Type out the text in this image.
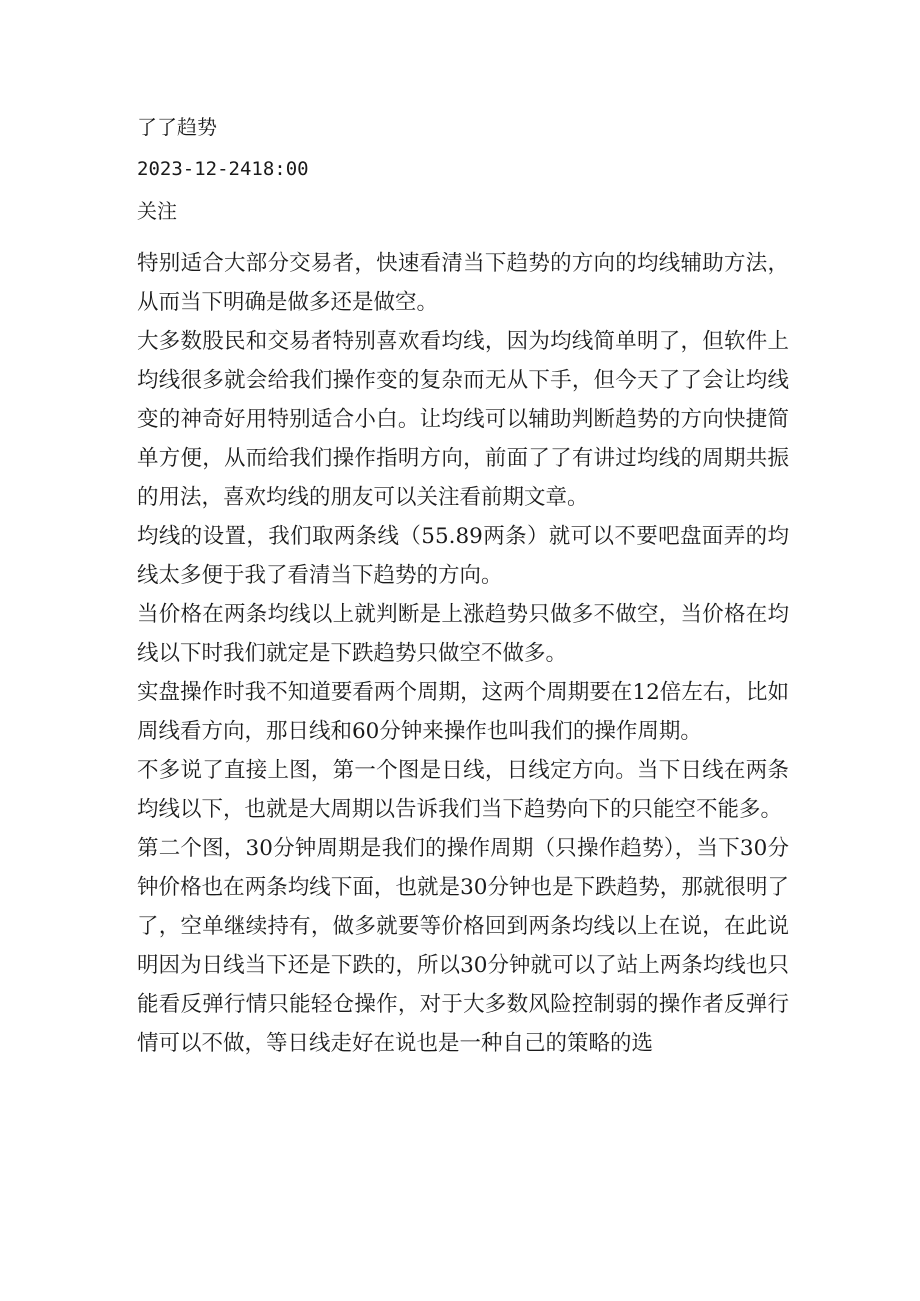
了了趋势
2023-12-2418:00
关注

特别适合大部分交易者，快速看清当下趋势的方向的均线辅助方法，从而当下明确是做多还是做空。

大多数股民和交易者特别喜欢看均线，因为均线简单明了，但软件上均线很多就会给我们操作变的复杂而无从下手，但今天了了会让均线变的神奇好用特别适合小白。让均线可以辅助判断趋势的方向快捷简单方便，从而给我们操作指明方向，前面了了有讲过均线的周期共振的用法，喜欢均线的朋友可以关注看前期文章。

均线的设置，我们取两条线（55.89两条）就可以不要吧盘面弄的均线太多便于我了看清当下趋势的方向。

当价格在两条均线以上就判断是上涨趋势只做多不做空，当价格在均线以下时我们就定是下跌趋势只做空不做多。

实盘操作时我不知道要看两个周期，这两个周期要在12倍左右，比如周线看方向，那日线和60分钟来操作也叫我们的操作周期。

不多说了直接上图，第一个图是日线，日线定方向。当下日线在两条均线以下，也就是大周期以告诉我们当下趋势向下的只能空不能多。

第二个图，30分钟周期是我们的操作周期（只操作趋势），当下30分钟价格也在两条均线下面，也就是30分钟也是下跌趋势，那就很明了了，空单继续持有，做多就要等价格回到两条均线以上在说，在此说明因为日线当下还是下跌的，所以30分钟就可以了站上两条均线也只能看反弹行情只能轻仓操作，对于大多数风险控制弱的操作者反弹行情可以不做，等日线走好在说也是一种自己的策略的选
